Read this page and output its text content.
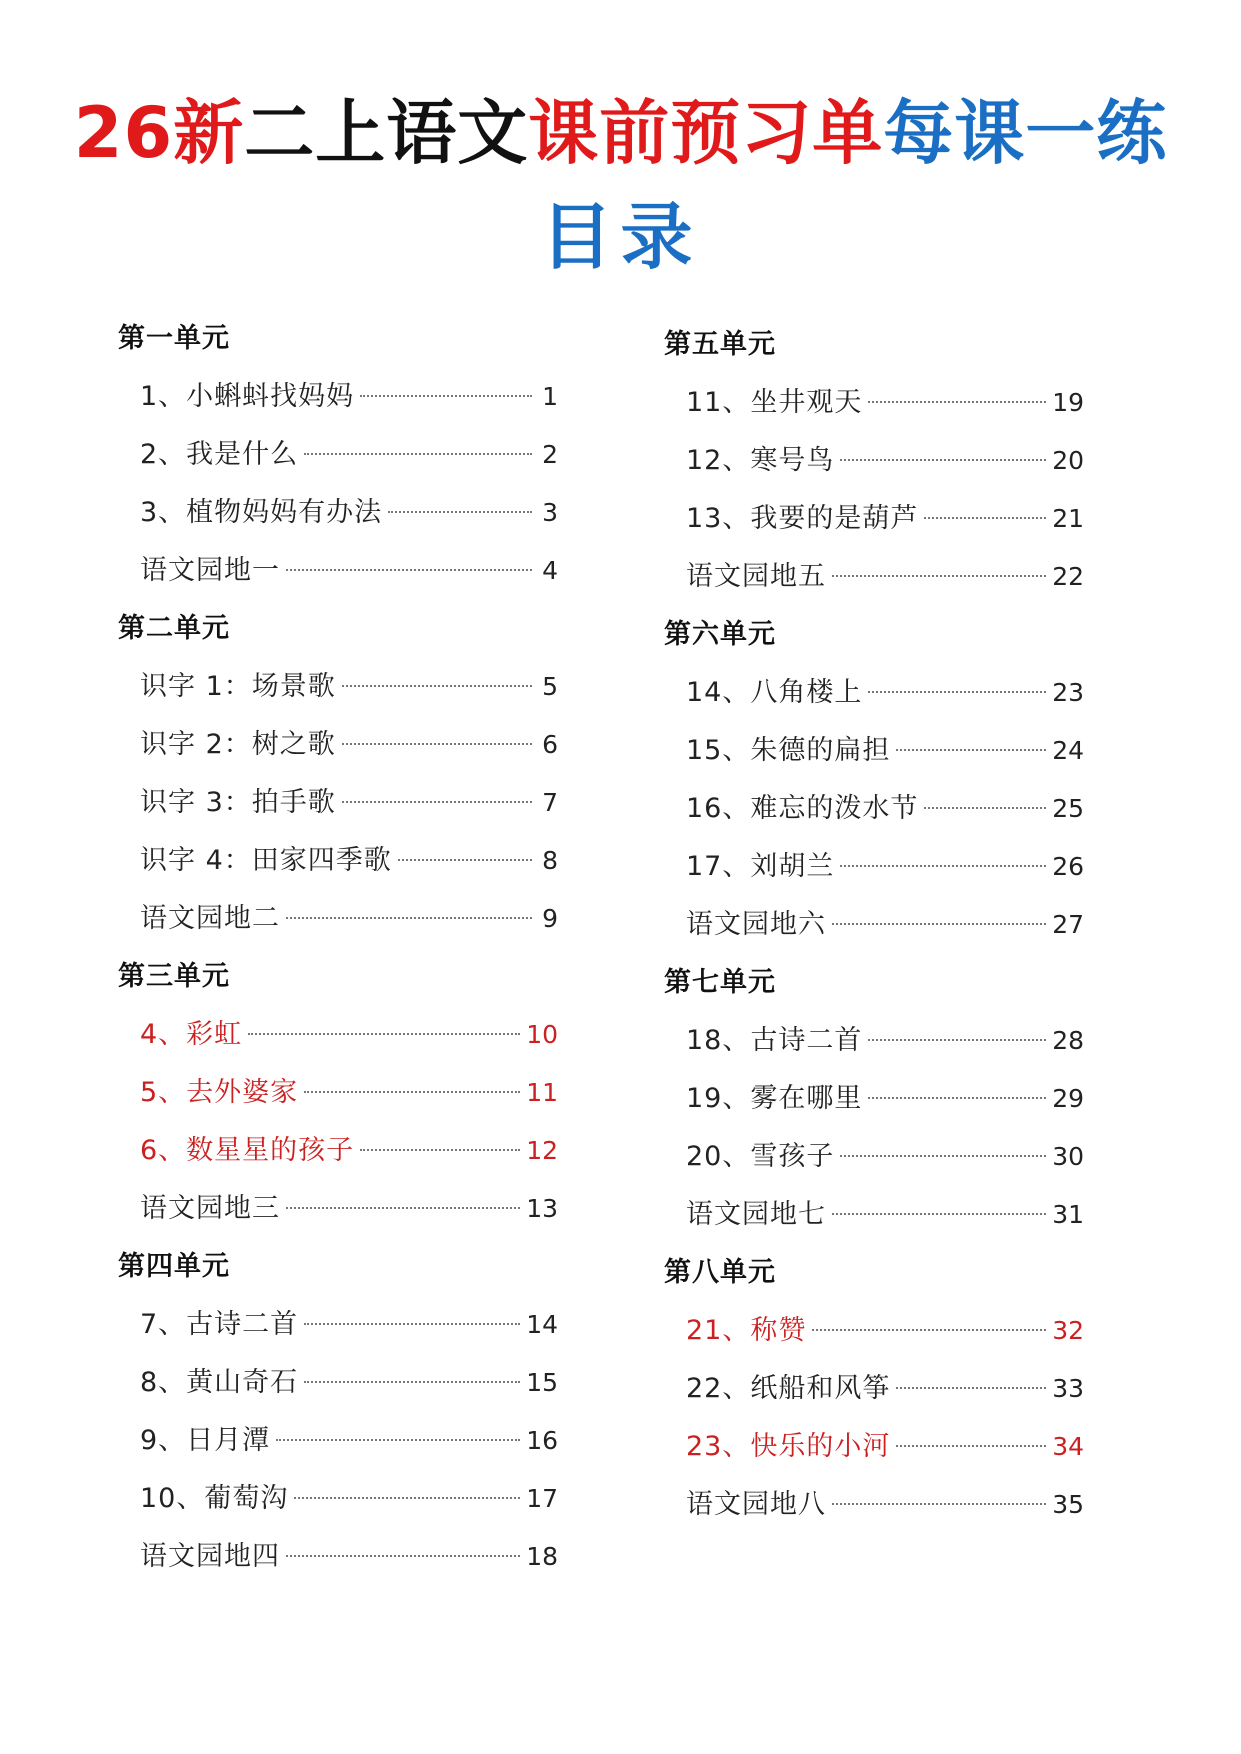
26新二上语文课前预习单每课一练
目录
第一单元
1、小蝌蚪找妈妈	1
2、我是什么	2
3、植物妈妈有办法	3
语文园地一	4
第二单元
识字 1：场景歌	5
识字 2：树之歌	6
识字 3：拍手歌	7
识字 4：田家四季歌	8
语文园地二	9
第三单元
4、彩虹	10
5、去外婆家	11
6、数星星的孩子	12
语文园地三	13
第四单元
7、古诗二首	14
8、黄山奇石	15
9、日月潭	16
10、葡萄沟	17
语文园地四	18
第五单元
11、坐井观天	19
12、寒号鸟	20
13、我要的是葫芦	21
语文园地五	22
第六单元
14、八角楼上	23
15、朱德的扁担	24
16、难忘的泼水节	25
17、刘胡兰	26
语文园地六	27
第七单元
18、古诗二首	28
19、雾在哪里	29
20、雪孩子	30
语文园地七	31
第八单元
21、称赞	32
22、纸船和风筝	33
23、快乐的小河	34
语文园地八	35
